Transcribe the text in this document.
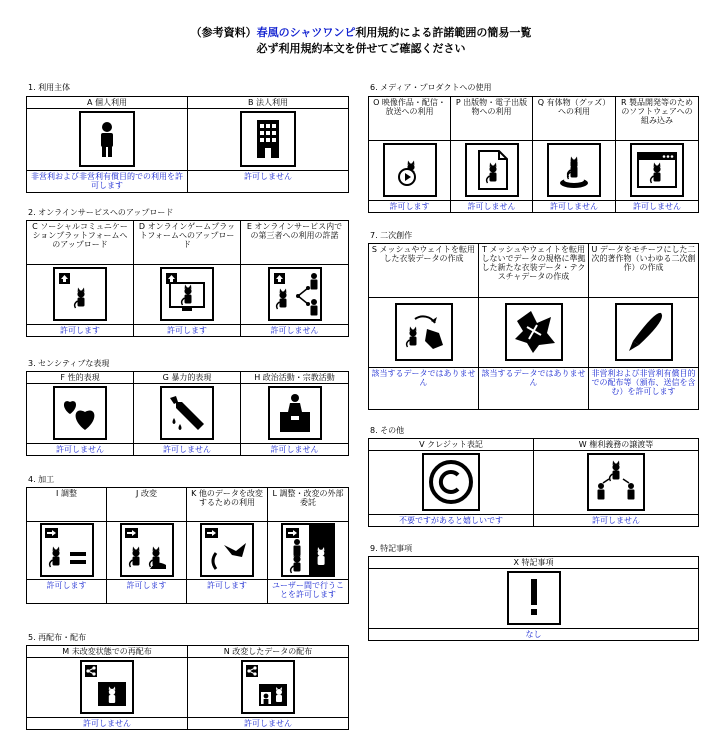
（参考資料）春風のシャツワンピ利用規約による許諾範囲の簡易一覧
必ず利用規約本文を併せてご確認ください
1. 利用主体
A 個人利用	B 法人利用

非営利および非営利有償目的での利用を許可します	許可しません
2. オンラインサービスへのアップロード
C ソーシャルコミュニケーションプラットフォームへのアップロード	D オンラインゲームプラットフォームへのアップロード	E オンラインサービス内での第三者への利用の許諾

許可します	許可します	許可しません
3. センシティブな表現
F 性的表現	G 暴力的表現	H 政治活動・宗教活動

許可しません	許可しません	許可しません
4. 加工
I 調整	J 改変	K 他のデータを改変するための利用	L 調整・改変の外部委託

許可します	許可します	許可します	ユーザー間で行うことを許可します
5. 再配布・配布
M 未改変状態での再配布	N 改変したデータの配布

許可しません	許可しません
6. メディア・プロダクトへの使用
O 映像作品・配信・放送への利用	P 出版物・電子出版物への利用	Q 有体物（グッズ）への利用	R 製品開発等のためのソフトウェアへの組み込み

許可します	許可しません	許可しません	許可しません
7. 二次創作
S メッシュやウェイトを転用した衣装データの作成	T メッシュやウェイトを転用しないでデータの規格に準拠した新たな衣装データ・テクスチャデータの作成	U データをモチーフにした二次的著作物（いわゆる二次創作）の作成

該当するデータではありません	該当するデータではありません	非営利および非営利有償目的での配布等（頒布、送信を含む）を許可します
8. その他
V クレジット表記	W 権利義務の譲渡等

不要ですがあると嬉しいです	許可しません
9. 特記事項
X 特記事項

なし
